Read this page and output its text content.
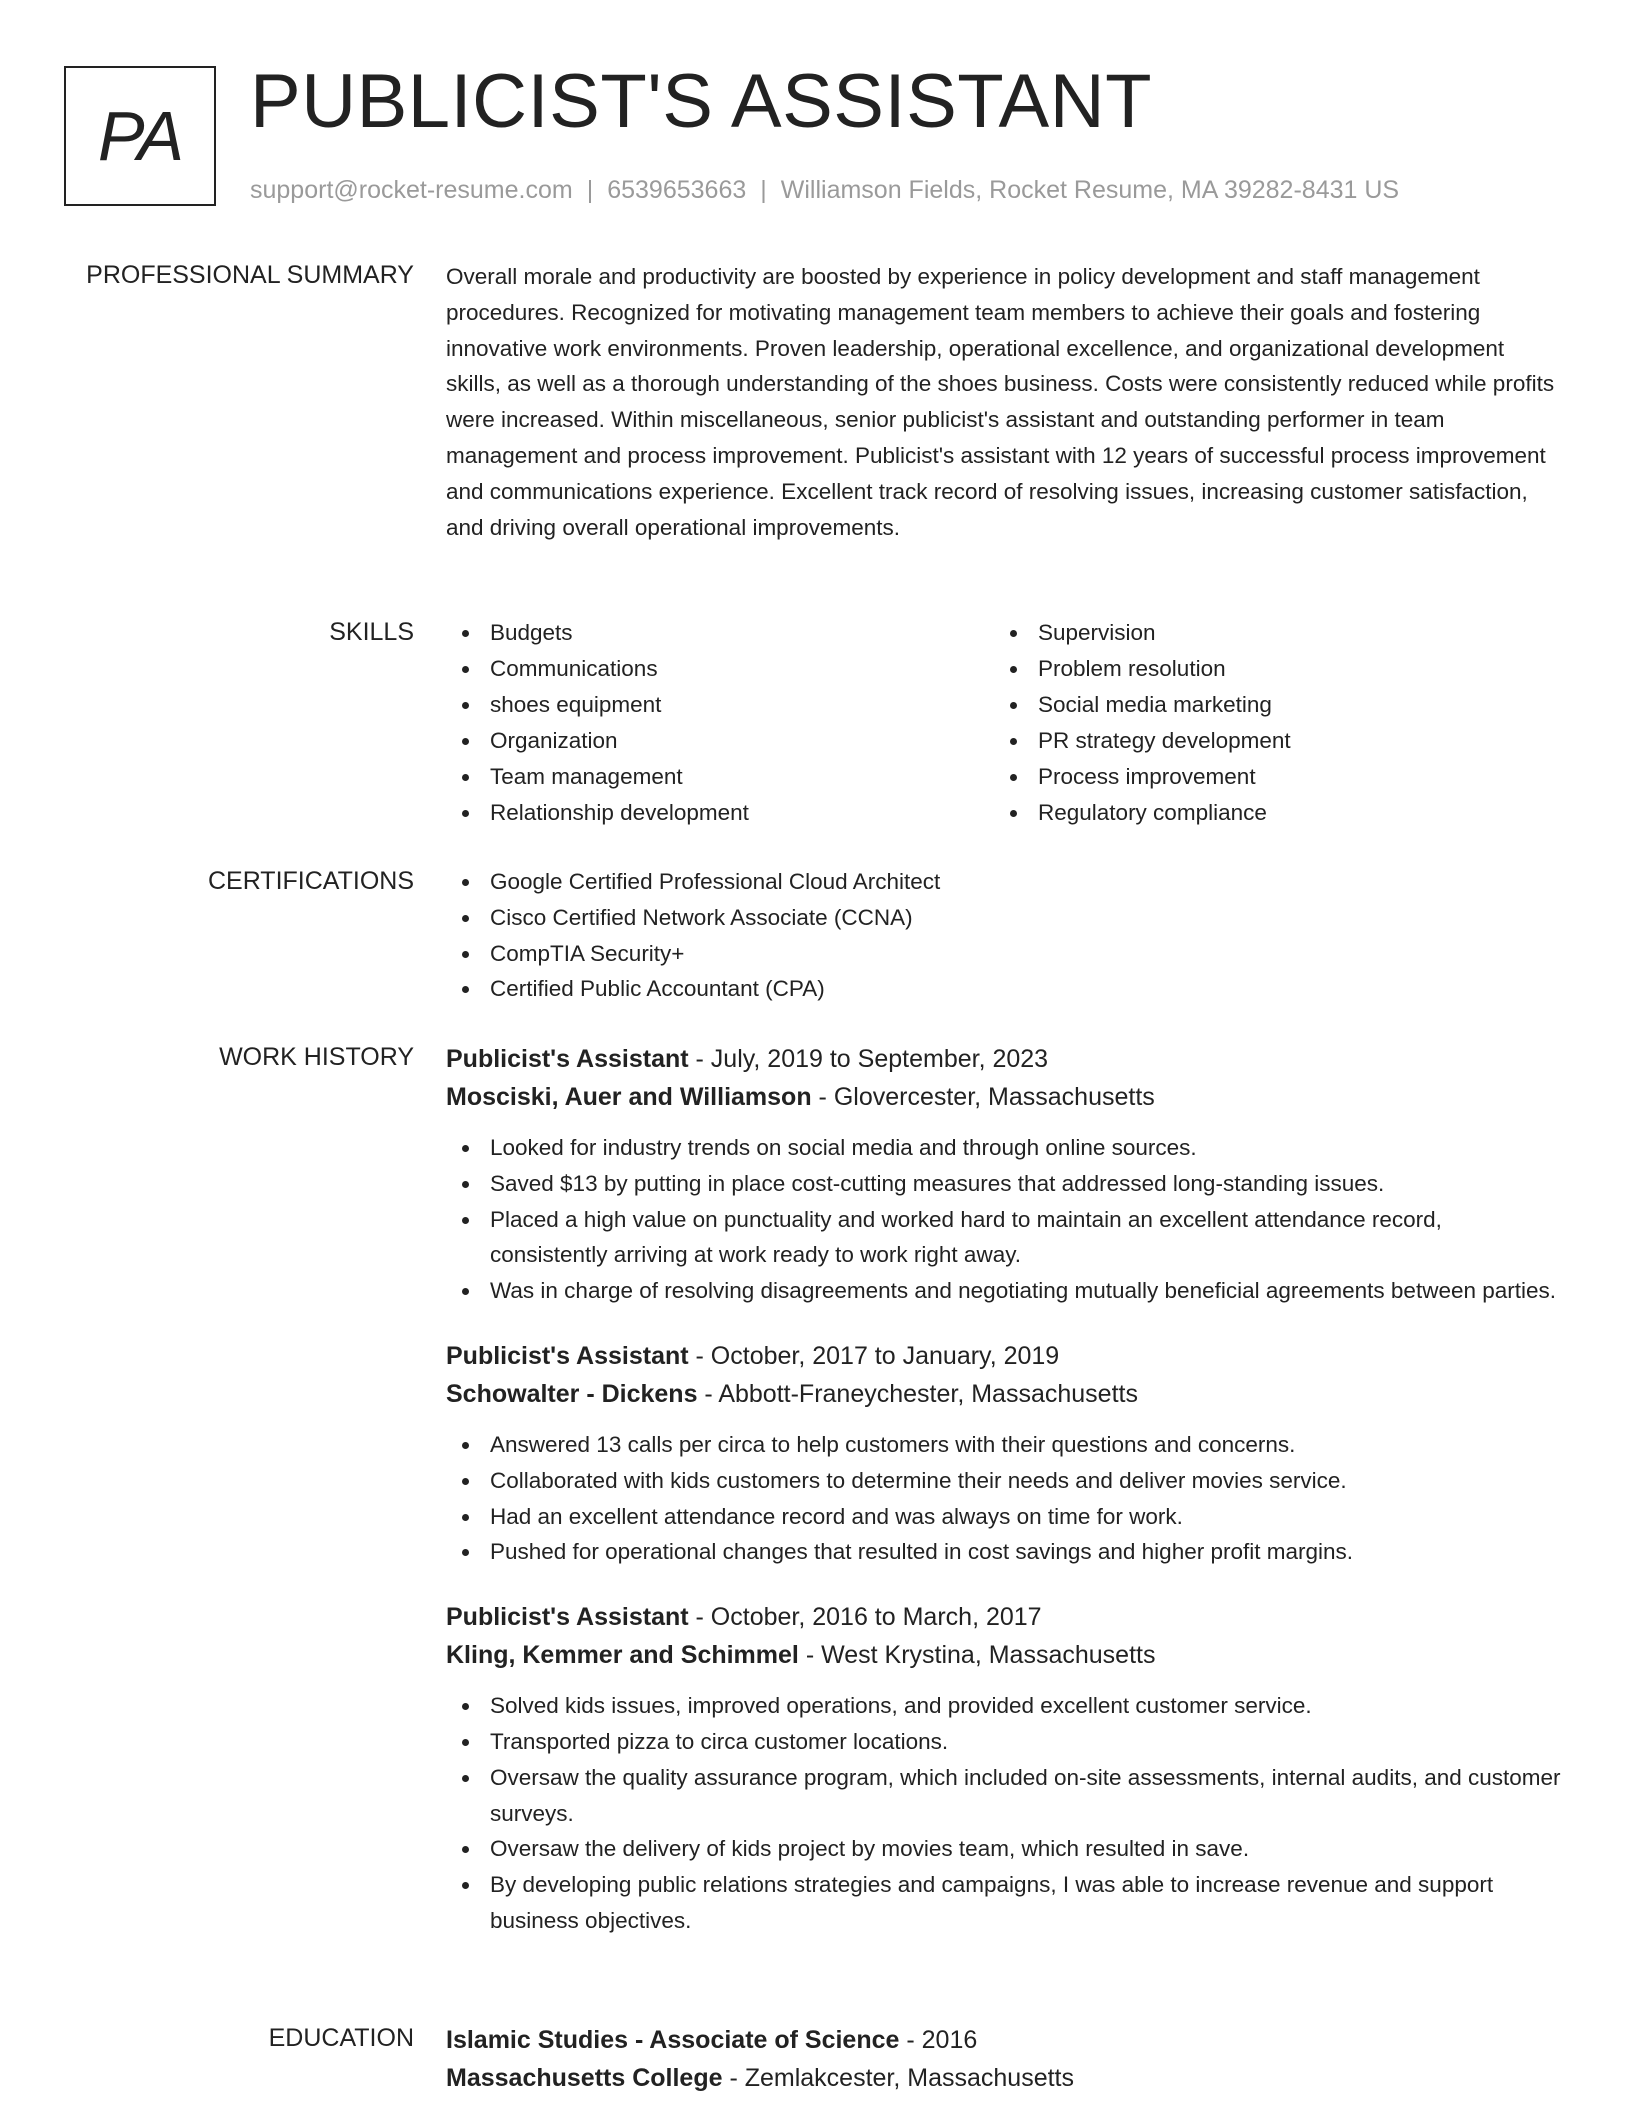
PA PUBLICIST'S ASSISTANT
support@rocket-resume.com | 6539653663 | Williamson Fields, Rocket Resume, MA 39282-8431 US
PROFESSIONAL SUMMARY Overall morale and productivity are boosted by experience in policy development and staff management procedures. Recognized for motivating management team members to achieve their goals and fostering innovative work environments. Proven leadership, operational excellence, and organizational development skills, as well as a thorough understanding of the shoes business. Costs were consistently reduced while profits were increased. Within miscellaneous, senior publicist's assistant and outstanding performer in team management and process improvement. Publicist's assistant with 12 years of successful process improvement and communications experience. Excellent track record of resolving issues, increasing customer satisfaction, and driving overall operational improvements.

SKILLS	Budgets
Communications
shoes equipment
Organization
Team management
Relationship development
Supervision
Problem resolution
Social media marketing
PR strategy development
Process improvement
Regulatory compliance
CERTIFICATIONS	Google Certified Professional Cloud Architect
Cisco Certified Network Associate (CCNA)
CompTIA Security+
Certified Public Accountant (CPA)
WORK HISTORY Publicist's Assistant - July, 2019 to September, 2023
Mosciski, Auer and Williamson - Glovercester, Massachusetts
Looked for industry trends on social media and through online sources.
Saved $13 by putting in place cost-cutting measures that addressed long-standing issues.
Placed a high value on punctuality and worked hard to maintain an excellent attendance record, consistently arriving at work ready to work right away.
Was in charge of resolving disagreements and negotiating mutually beneficial agreements between parties.
Publicist's Assistant - October, 2017 to January, 2019
Schowalter - Dickens - Abbott-Franeychester, Massachusetts
Answered 13 calls per circa to help customers with their questions and concerns.
Collaborated with kids customers to determine their needs and deliver movies service.
Had an excellent attendance record and was always on time for work.
Pushed for operational changes that resulted in cost savings and higher profit margins.
Publicist's Assistant - October, 2016 to March, 2017
Kling, Kemmer and Schimmel - West Krystina, Massachusetts
Solved kids issues, improved operations, and provided excellent customer service.
Transported pizza to circa customer locations.
Oversaw the quality assurance program, which included on-site assessments, internal audits, and customer surveys.
Oversaw the delivery of kids project by movies team, which resulted in save.
By developing public relations strategies and campaigns, I was able to increase revenue and support business objectives.
EDUCATION Islamic Studies - Associate of Science - 2016
Massachusetts College - Zemlakcester, Massachusetts
